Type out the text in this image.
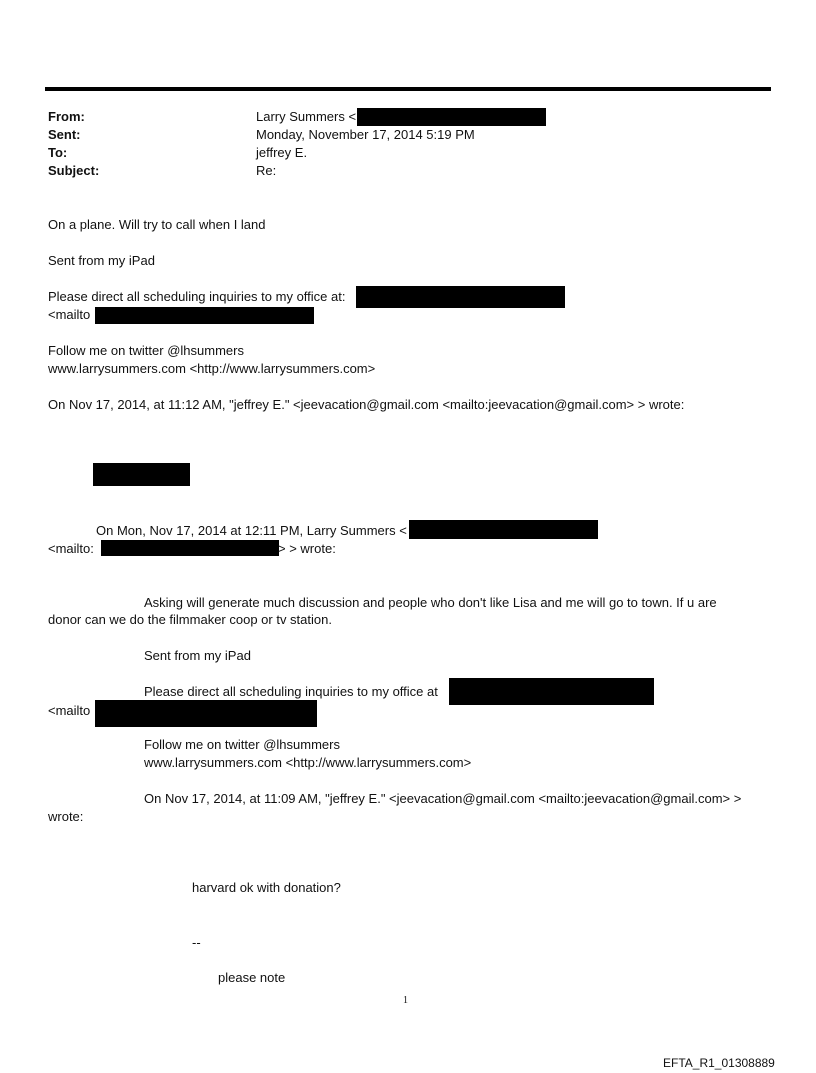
From:	Larry Summers <
Sent:	Monday, November 17, 2014 5:19 PM
To:	jeffrey E.
Subject:	Re:
On a plane. Will try to call when I land
Sent from my iPad
Please direct all scheduling inquiries to my office at:
<mailto
Follow me on twitter @lhsummers
www.larrysummers.com <http://www.larrysummers.com>
On Nov 17, 2014, at 11:12 AM, "jeffrey E." <jeevacation@gmail.com <mailto:jeevacation@gmail.com> > wrote:
On Mon, Nov 17, 2014 at 12:11 PM, Larry Summers <
<mailto:	> > wrote:
Asking will generate much discussion and people who don't like Lisa and me will go to town. If u are
donor can we do the filmmaker coop or tv station.
Sent from my iPad
Please direct all scheduling inquiries to my office at
<mailto
Follow me on twitter @lhsummers
www.larrysummers.com <http://www.larrysummers.com>
On Nov 17, 2014, at 11:09 AM, "jeffrey E." <jeevacation@gmail.com <mailto:jeevacation@gmail.com> >
wrote:
harvard ok with donation?
--
please note
1
EFTA_R1_01308889
